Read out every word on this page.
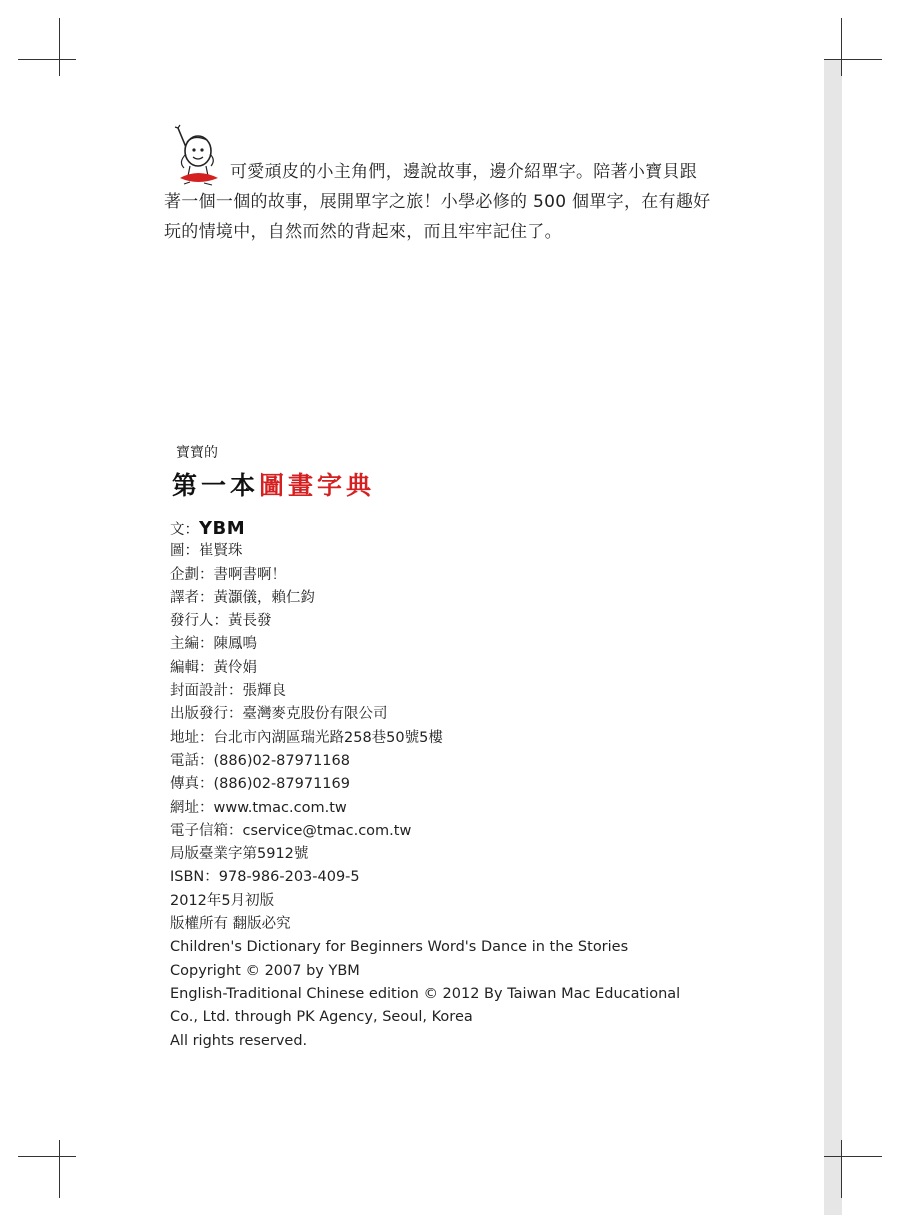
可愛頑皮的小主角們，邊說故事，邊介紹單字。陪著小寶貝跟
著一個一個的故事，展開單字之旅！小學必修的 500 個單字，在有趣好
玩的情境中，自然而然的背起來，而且牢牢記住了。
寶寶的
第一本圖畫字典
文：YBM
圖：崔賢珠
企劃：書啊書啊！
譯者：黃灝儀，賴仁鈞
發行人：黃長發
主編：陳鳳鳴
編輯：黃伶娟
封面設計：張輝良
出版發行：臺灣麥克股份有限公司
地址：台北市內湖區瑞光路258巷50號5樓
電話：(886)02-87971168
傳真：(886)02-87971169
網址：www.tmac.com.tw
電子信箱：cservice@tmac.com.tw
局版臺業字第5912號
ISBN：978-986-203-409-5
2012年5月初版
版權所有 翻版必究
Children's Dictionary for Beginners Word's Dance in the Stories
Copyright © 2007 by YBM
English-Traditional Chinese edition © 2012 By Taiwan Mac Educational
Co., Ltd. through PK Agency, Seoul, Korea
All rights reserved.
